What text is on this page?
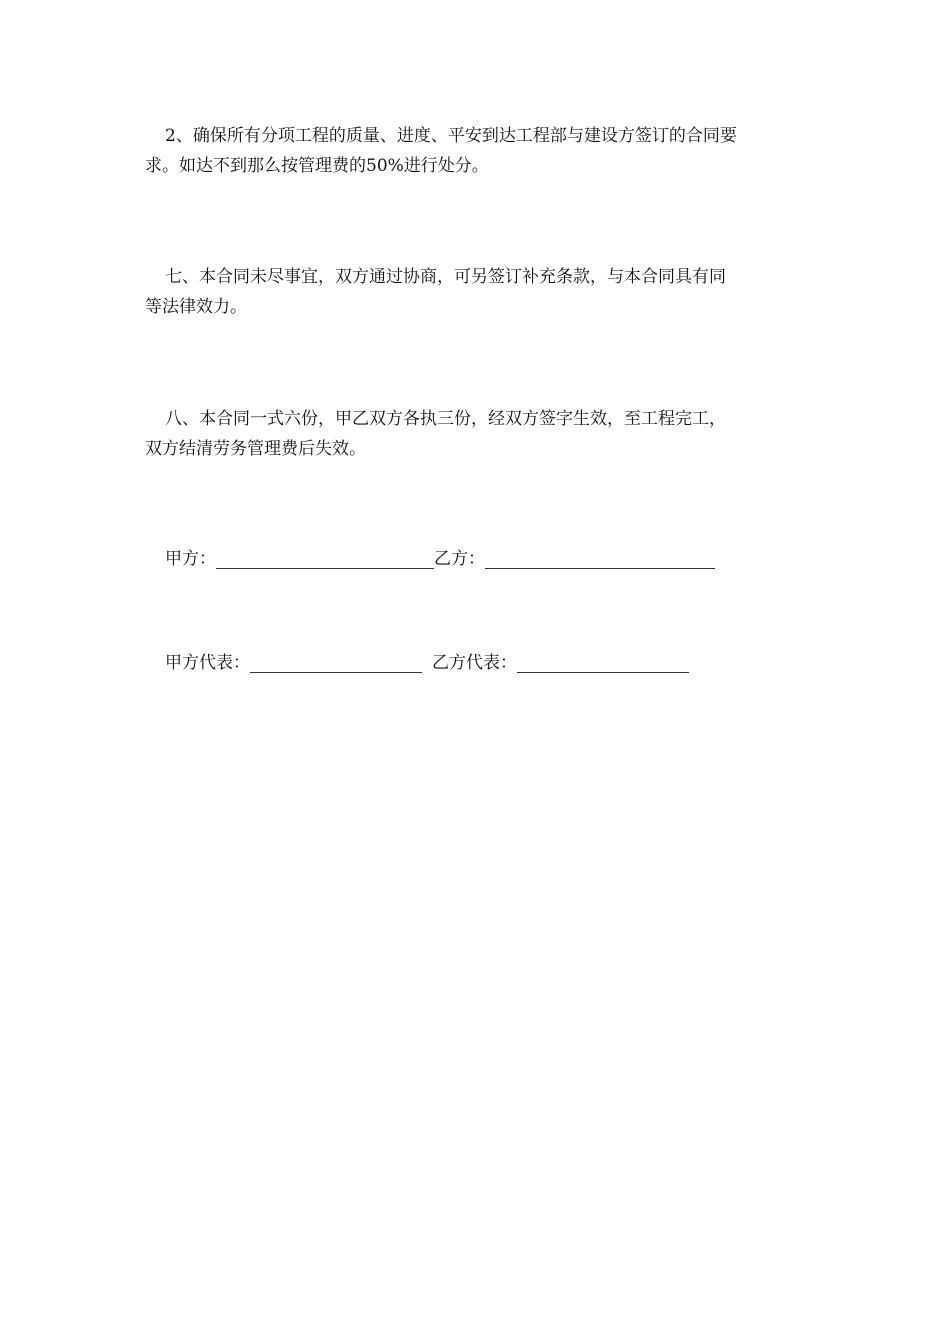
2、确保所有分项工程的质量、进度、平安到达工程部与建设方签订的合同要
求。如达不到那么按管理费的50%进行处分。

七、本合同未尽事宜，双方通过协商，可另签订补充条款，与本合同具有同
等法律效力。

八、本合同一式六份，甲乙双方各执三份，经双方签字生效，至工程完工，
双方结清劳务管理费后失效。

甲方：	乙方：
甲方代表：	乙方代表：
